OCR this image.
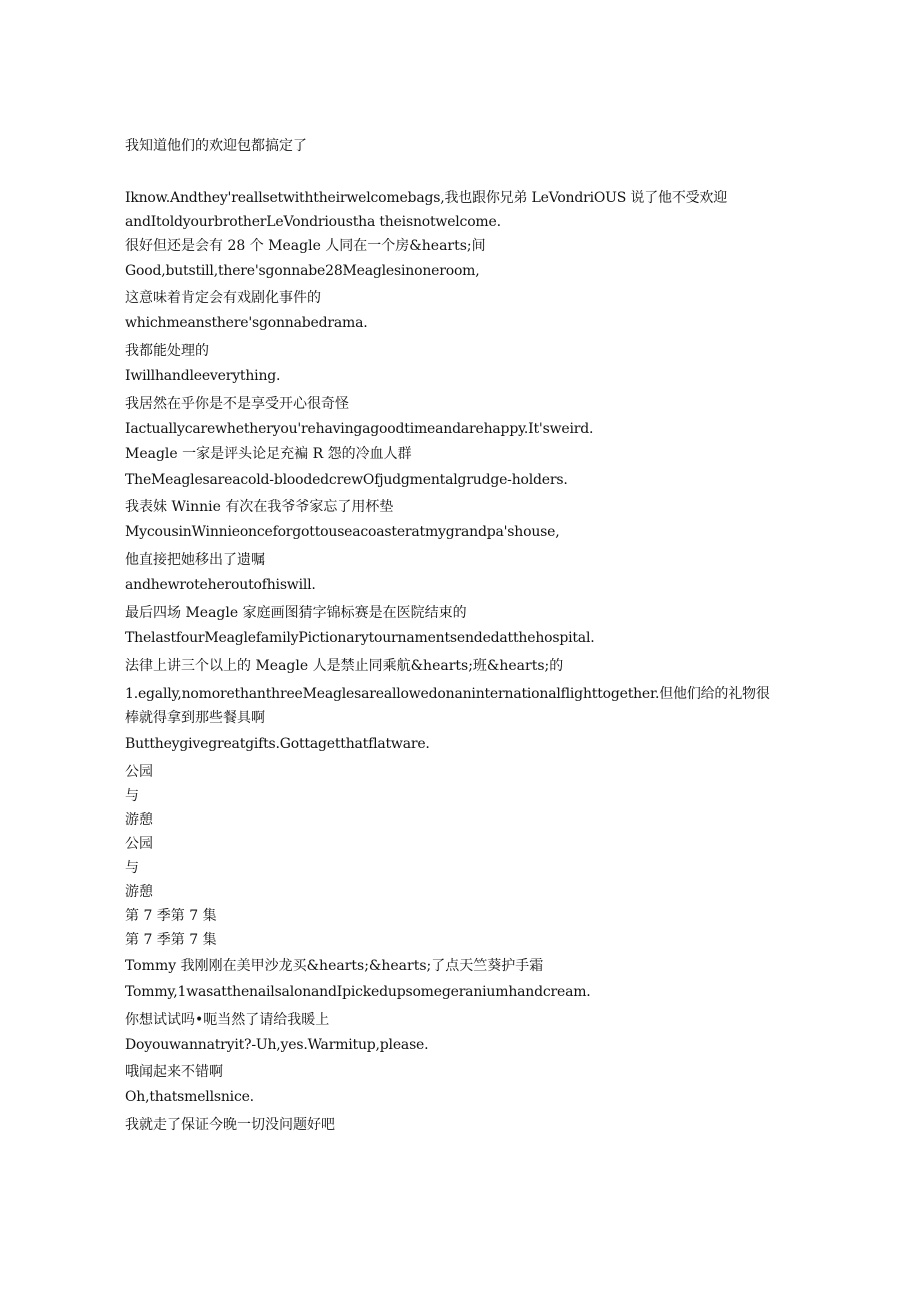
我知道他们的欢迎包都搞定了
Iknow.Andthey'reallsetwiththeirwelcomebags,我也跟你兄弟 LeVondriOUS 说了他不受欢迎
andItoldyourbrotherLeVondrioustha theisnotwelcome.
很好但还是会有 28 个 Meagle 人同在一个房&hearts;间
Good,butstill,there'sgonnabe28Meaglesinoneroom,
这意味着肯定会有戏剧化事件的
whichmeansthere'sgonnabedrama.
我都能处理的
Iwillhandleeverything.
我居然在乎你是不是享受开心很奇怪
Iactuallycarewhetheryou'rehavingagoodtimeandarehappy.It'sweird.
Meagle 一家是评头论足充褊 R 怨的冷血人群
TheMeaglesareacold-bloodedcrewOfjudgmentalgrudge-holders.
我表妹 Winnie 有次在我爷爷家忘了用杯垫
MycousinWinnieonceforgottouseacoasteratmygrandpa'shouse,
他直接把她移出了遗嘱
andhewroteheroutofhiswill.
最后四场 Meagle 家庭画图猜字锦标赛是在医院结束的
ThelastfourMeaglefamilyPictionarytournamentsendedatthehospital.
法律上讲三个以上的 Meagle 人是禁止同乘航&hearts;班&hearts;的
1.egally,nomorethanthreeMeaglesareallowedonaninternationalflighttogether.但他们给的礼物很
棒就得拿到那些餐具啊
Buttheygivegreatgifts.Gottagetthatflatware.
公园
与
游憩
公园
与
游憩
第 7 季第 7 集
第 7 季第 7 集
Tommy 我刚刚在美甲沙龙买&hearts;&hearts;了点天竺葵护手霜
Tommy,1wasatthenailsalonandIpickedupsomegeraniumhandcream.
你想试试吗•呃当然了请给我暖上
Doyouwannatryit?-Uh,yes.Warmitup,please.
哦闻起来不错啊
Oh,thatsmellsnice.
我就走了保证今晚一切没问题好吧
